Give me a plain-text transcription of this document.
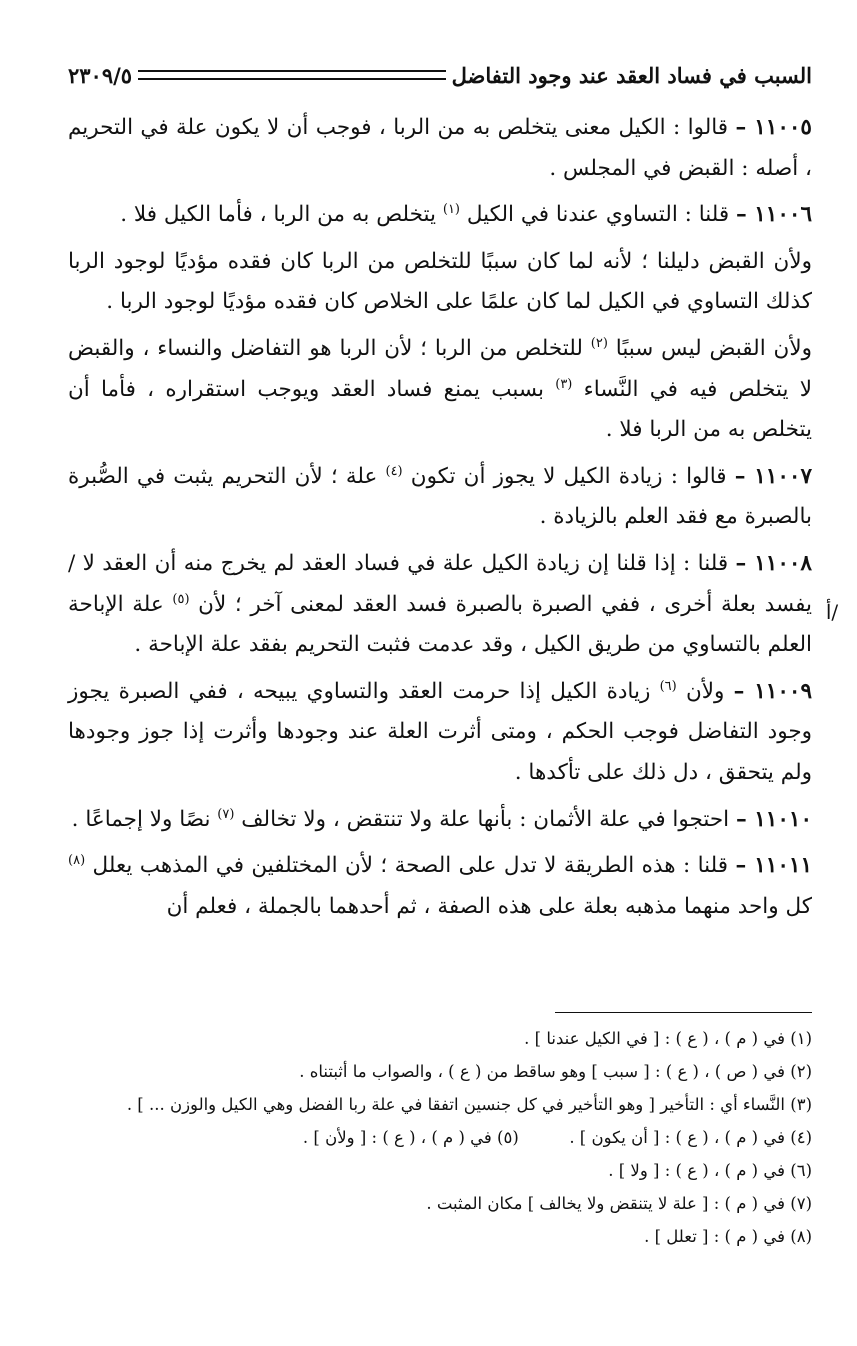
السبب في فساد العقد عند وجود التفاضل
٢٣٠٩/٥
/أ

١١٠٠٥ – قالوا : الكيل معنى يتخلص به من الربا ، فوجب أن لا يكون علة في التحريم ، أصله : القبض في المجلس .

١١٠٠٦ – قلنا : التساوي عندنا في الكيل $^{(١)}$ يتخلص به من الربا ، فأما الكيل فلا .

ولأن القبض دليلنا ؛ لأنه لما كان سببًا للتخلص من الربا كان فقده مؤديًا لوجود الربا كذلك التساوي في الكيل لما كان علمًا على الخلاص كان فقده مؤديًا لوجود الربا .

ولأن القبض ليس سببًا $^{(٢)}$ للتخلص من الربا ؛ لأن الربا هو التفاضل والنساء ، والقبض لا يتخلص فيه في النَّساء $^{(٣)}$ بسبب يمنع فساد العقد ويوجب استقراره ، فأما أن يتخلص به من الربا فلا .

١١٠٠٧ – قالوا : زيادة الكيل لا يجوز أن تكون $^{(٤)}$ علة ؛ لأن التحريم يثبت في الصُّبرة بالصبرة مع فقد العلم بالزيادة .

١١٠٠٨ – قلنا : إذا قلنا إن زيادة الكيل علة في فساد العقد لم يخرج منه أن العقد لا / يفسد بعلة أخرى ، ففي الصبرة بالصبرة فسد العقد لمعنى آخر ؛ لأن $^{(٥)}$ علة الإباحة العلم بالتساوي من طريق الكيل ، وقد عدمت فثبت التحريم بفقد علة الإباحة .

١١٠٠٩ – ولأن $^{(٦)}$ زيادة الكيل إذا حرمت العقد والتساوي يبيحه ، ففي الصبرة يجوز وجود التفاضل فوجب الحكم ، ومتى أثرت العلة عند وجودها وأثرت إذا جوز وجودها ولم يتحقق ، دل ذلك على تأكدها .

١١٠١٠ – احتجوا في علة الأثمان : بأنها علة ولا تنتقض ، ولا تخالف $^{(٧)}$ نصًا ولا إجماعًا .

١١٠١١ – قلنا : هذه الطريقة لا تدل على الصحة ؛ لأن المختلفين في المذهب يعلل $^{(٨)}$ كل واحد منهما مذهبه بعلة على هذه الصفة ، ثم أحدهما بالجملة ، فعلم أن

(١) في ( م ) ، ( ع ) : [ في الكيل عندنا ] .
(٢) في ( ص ) ، ( ع ) : [ سبب ] وهو ساقط من ( ع ) ، والصواب ما أثبتناه .
(٣) النَّساء أي : التأخير [ وهو التأخير في كل جنسين اتفقا في علة ربا الفضل وهي الكيل والوزن ... ] .
(٤) في ( م ) ، ( ع ) : [ أن يكون ] .  (٥) في ( م ) ، ( ع ) : [ ولأن ] .
(٦) في ( م ) ، ( ع ) : [ ولا ] .
(٧) في ( م ) : [ علة لا يتنقض ولا يخالف ] مكان المثبت .
(٨) في ( م ) : [ تعلل ] .
